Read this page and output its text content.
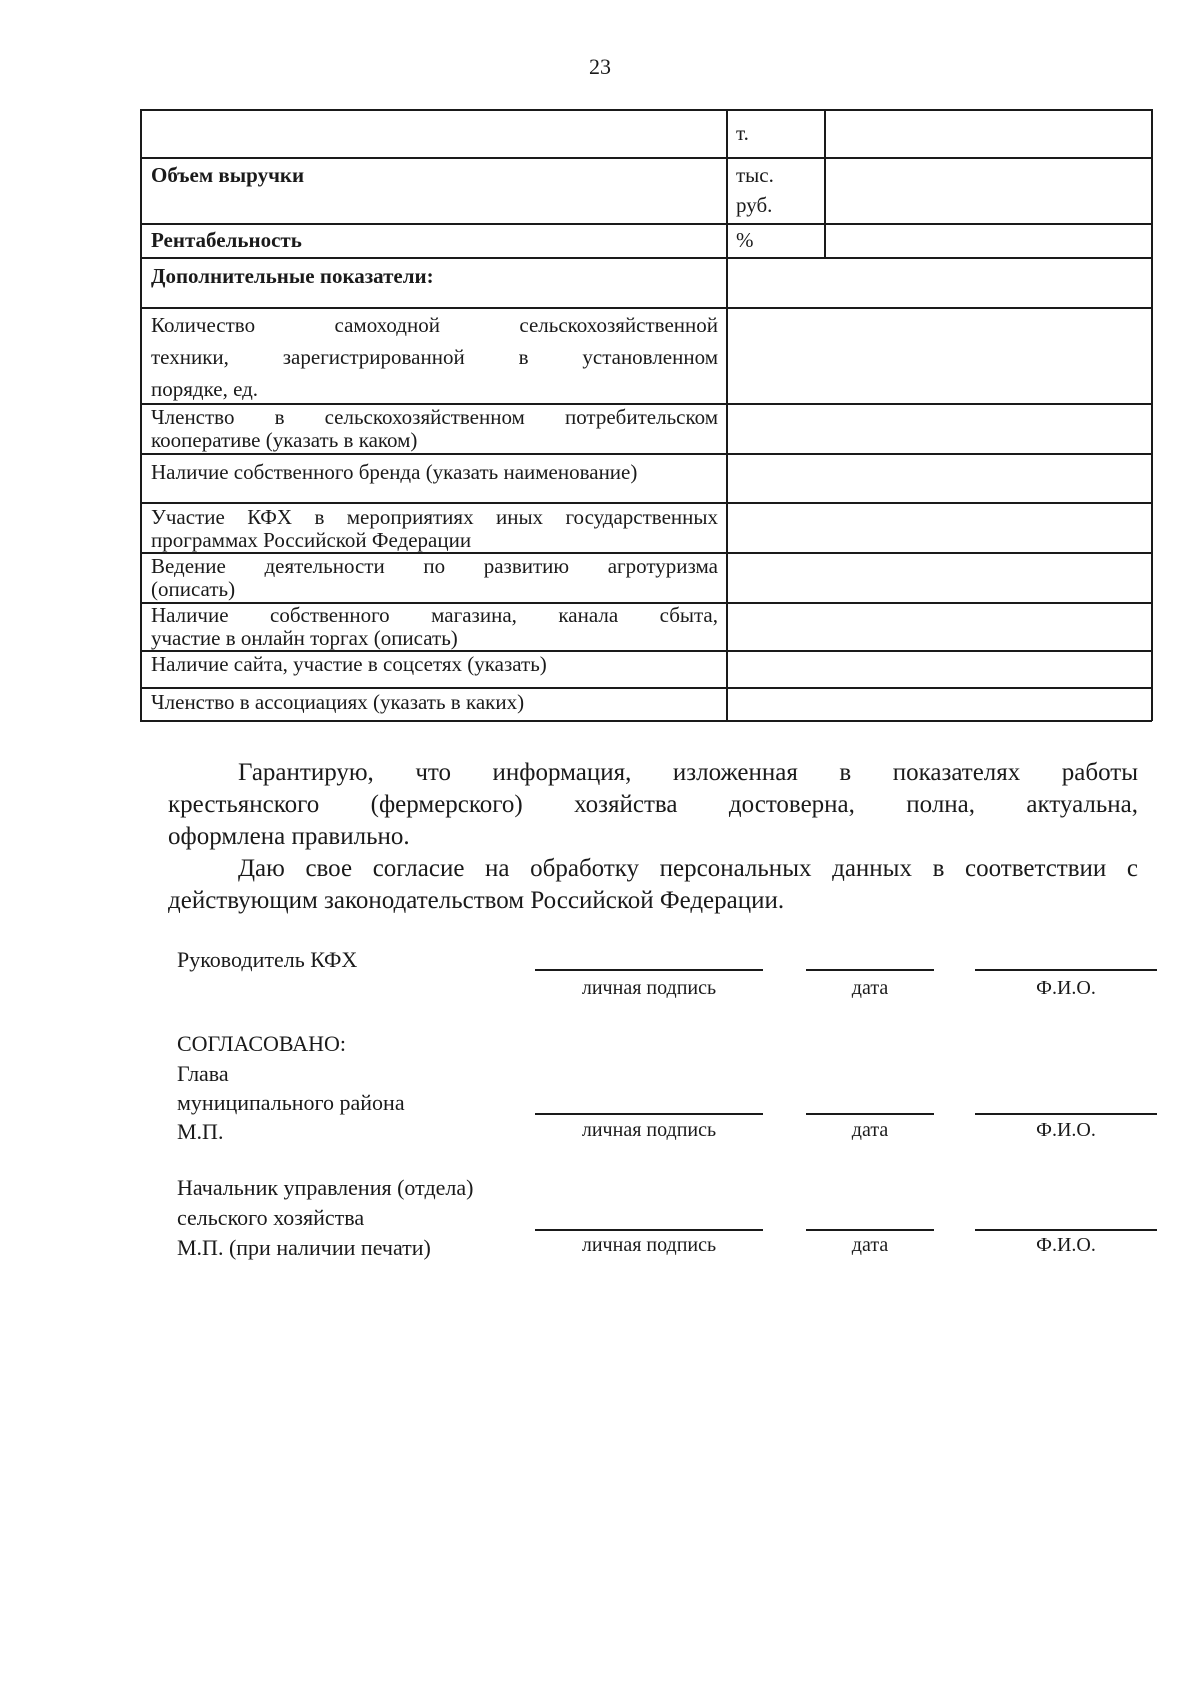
23
т.
Объем выручки	тыс.
руб.
Рентабельность	%
Дополнительные показатели:
Количество самоходной сельскохозяйственной
техники, зарегистрированной в установленном
порядке, ед.
Членство в сельскохозяйственном потребительском
кооперативе (указать в каком)
Наличие собственного бренда (указать наименование)
Участие КФХ в мероприятиях иных государственных
программах Российской Федерации
Ведение деятельности по развитию агротуризма
(описать)
Наличие собственного магазина, канала сбыта,
участие в онлайн торгах (описать)
Наличие сайта, участие в соцсетях (указать)
Членство в ассоциациях (указать в каких)
Гарантирую, что информация, изложенная в показателях работы
крестьянского (фермерского) хозяйства достоверна, полна, актуальна,
оформлена правильно.
Даю свое согласие на обработку персональных данных в соответствии с
действующим законодательством Российской Федерации.
Руководитель КФХ
личная подпись	дата	Ф.И.О.
СОГЛАСОВАНО:
Глава
муниципального района
М.П.	личная подпись	дата	Ф.И.О.
Начальник управления (отдела)
сельского хозяйства
М.П. (при наличии печати)	личная подпись	дата	Ф.И.О.
